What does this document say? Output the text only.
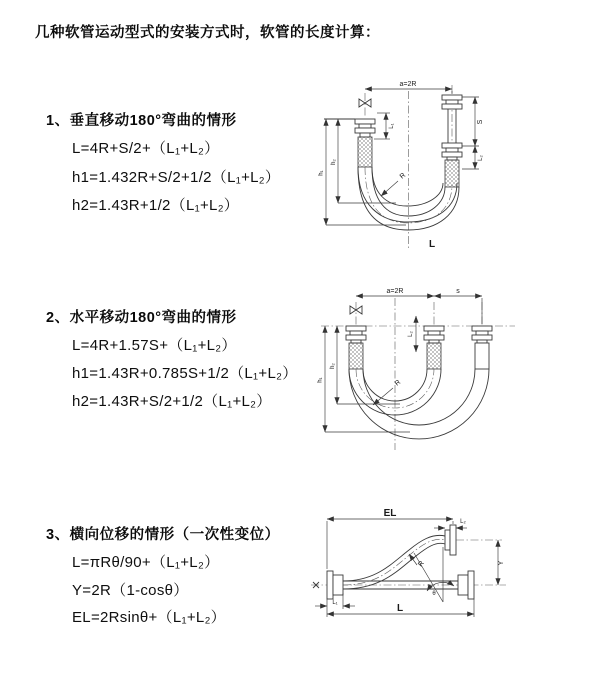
几种软管运动型式的安装方式时，软管的长度计算：
1、垂直移动180°弯曲的情形
L=4R+S/2+（L₁+L₂）
h1=1.432R+S/2+1/2（L₁+L₂）
h2=1.43R+1/2（L₁+L₂）
a=2R
L₁
S
L₂
h₁
h₂
R
L
2、水平移动180°弯曲的情形
L=4R+1.57S+（L₁+L₂）
h1=1.43R+0.785S+1/2（L₁+L₂）
h2=1.43R+S/2+1/2（L₁+L₂）
a=2R	s
L₂
h₁
h₂
R
3、横向位移的情形（一次性变位）
L=πRθ/90+（L₁+L₂）
Y=2R（1-cosθ）
EL=2Rsinθ+（L₁+L₂）
EL
L₂
Y
θ
R
L
L₁
